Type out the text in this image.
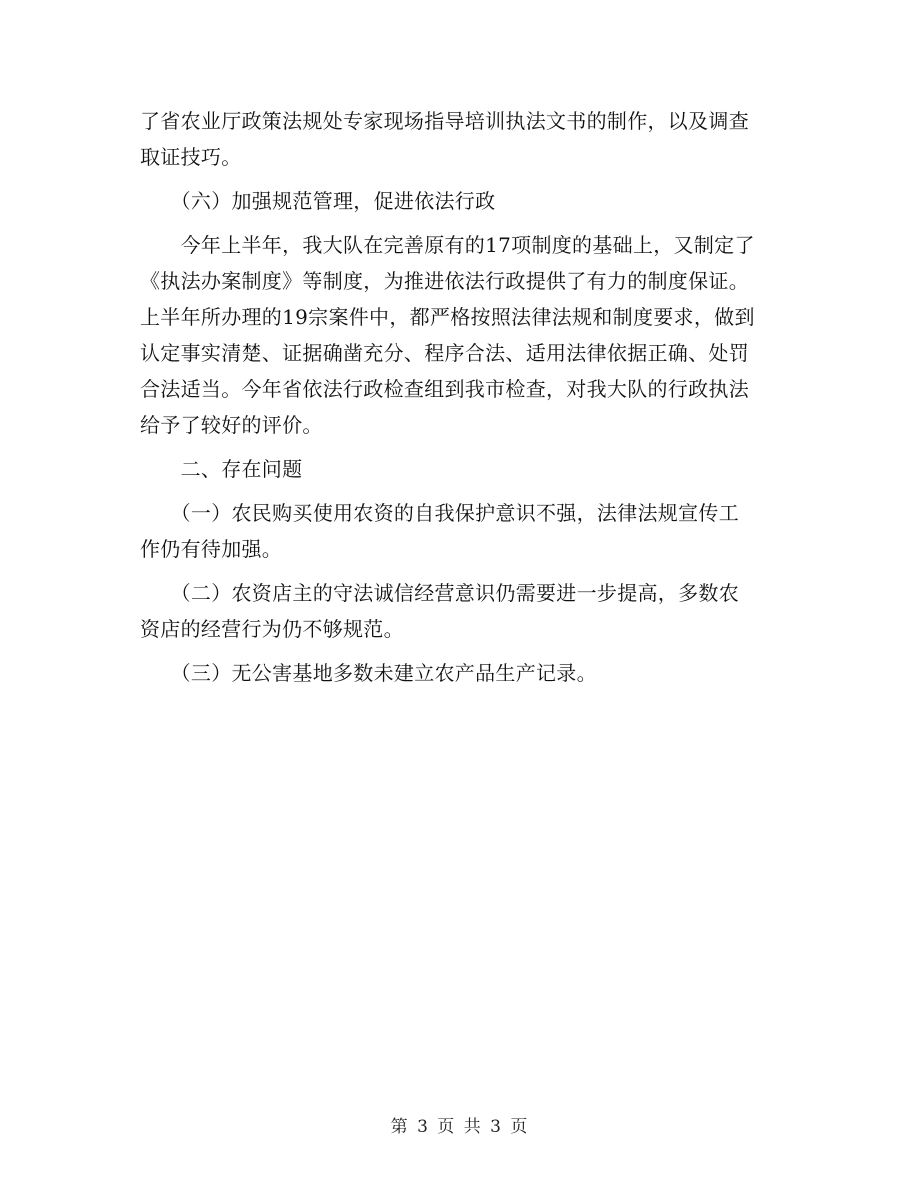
了省农业厅政策法规处专家现场指导培训执法文书的制作，以及调查
取证技巧。
　　（六）加强规范管理，促进依法行政
　　今年上半年，我大队在完善原有的17项制度的基础上，又制定了
《执法办案制度》等制度，为推进依法行政提供了有力的制度保证。
上半年所办理的19宗案件中，都严格按照法律法规和制度要求，做到
认定事实清楚、证据确凿充分、程序合法、适用法律依据正确、处罚
合法适当。今年省依法行政检查组到我市检查，对我大队的行政执法
给予了较好的评价。
　　二、存在问题
　　（一）农民购买使用农资的自我保护意识不强，法律法规宣传工
作仍有待加强。
　　（二）农资店主的守法诚信经营意识仍需要进一步提高，多数农
资店的经营行为仍不够规范。
　　（三）无公害基地多数未建立农产品生产记录。
第 3 页 共 3 页
